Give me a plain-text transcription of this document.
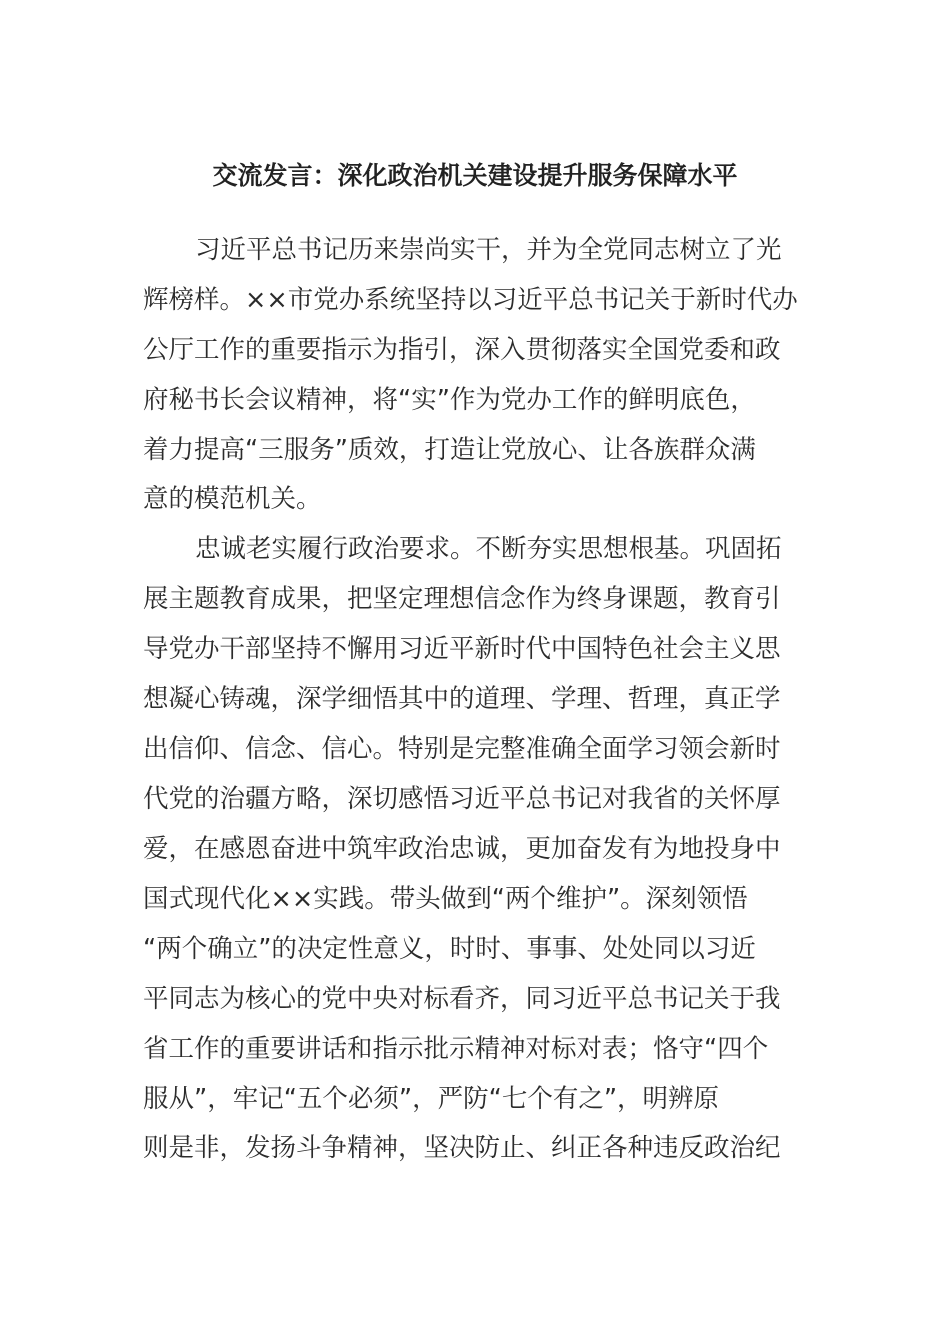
交流发言：深化政治机关建设提升服务保障水平
习近平总书记历来崇尚实干，并为全党同志树立了光
辉榜样。××市党办系统坚持以习近平总书记关于新时代办
公厅工作的重要指示为指引，深入贯彻落实全国党委和政
府秘书长会议精神，将“实”作为党办工作的鲜明底色，
着力提高“三服务”质效，打造让党放心、让各族群众满
意的模范机关。
忠诚老实履行政治要求。不断夯实思想根基。巩固拓
展主题教育成果，把坚定理想信念作为终身课题，教育引
导党办干部坚持不懈用习近平新时代中国特色社会主义思
想凝心铸魂，深学细悟其中的道理、学理、哲理，真正学
出信仰、信念、信心。特别是完整准确全面学习领会新时
代党的治疆方略，深切感悟习近平总书记对我省的关怀厚
爱，在感恩奋进中筑牢政治忠诚，更加奋发有为地投身中
国式现代化××实践。带头做到“两个维护”。深刻领悟
“两个确立”的决定性意义，时时、事事、处处同以习近
平同志为核心的党中央对标看齐，同习近平总书记关于我
省工作的重要讲话和指示批示精神对标对表；恪守“四个
服从”，牢记“五个必须”，严防“七个有之”，明辨原
则是非，发扬斗争精神，坚决防止、纠正各种违反政治纪
